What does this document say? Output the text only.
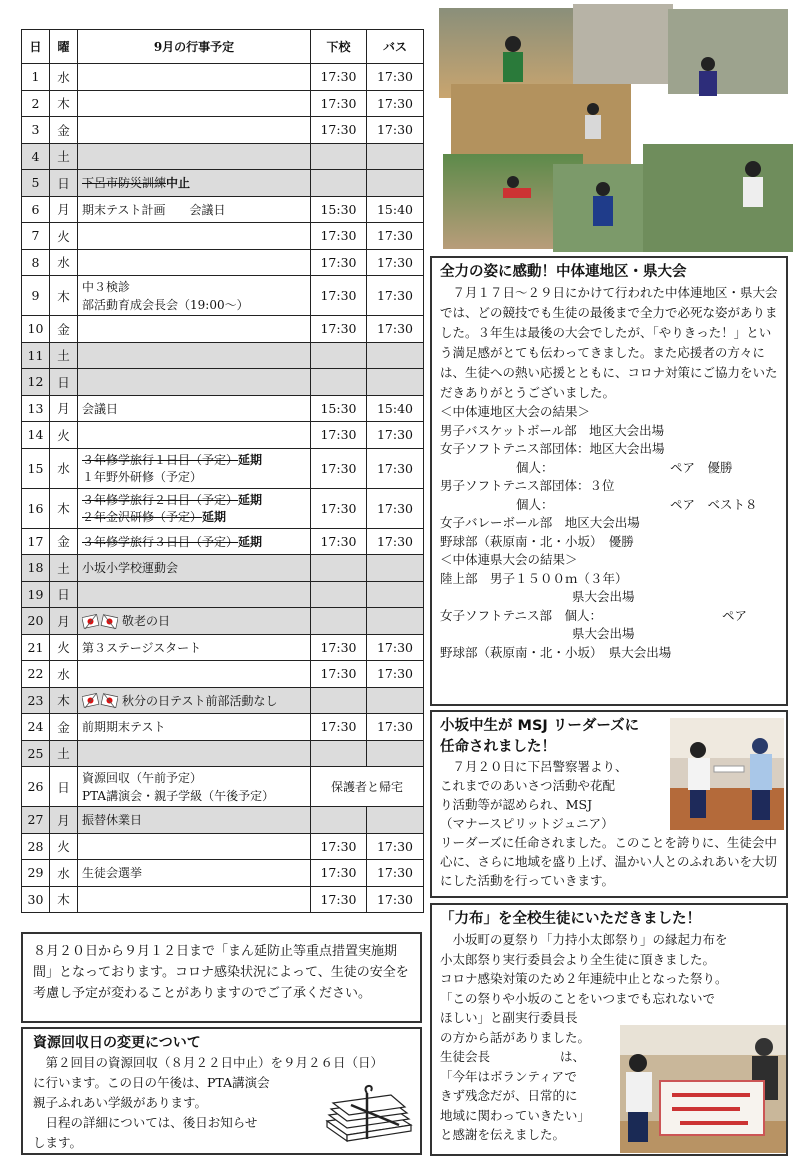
日	曜	9月の行事予定	下校	バス
1	水		17:30	17:30
2	木		17:30	17:30
3	金		17:30	17:30
4	土			
5	日	下呂市防災訓練中止		

6	月	期末テスト計画　　会議日	15:30	15:40
7	火		17:30	17:30
8	水		17:30	17:30
9	木	中３検診
部活動育成会長会（19:00～）	17:30	17:30
10	金		17:30	17:30
11	土			
12	日			
13	月	会議日	15:30	15:40
14	火		17:30	17:30
15	水	３年修学旅行１日目（予定）延期
１年野外研修（予定）	17:30	17:30
16	木	３年修学旅行２日目（予定）延期
２年金沢研修（予定）延期	17:30	17:30
17	金	３年修学旅行３日目（予定）延期	17:30	17:30
18	土	小坂小学校運動会		

19	日			
20	月	敬老の日		

21	火	第３ステージスタート	17:30	17:30
22	水		17:30	17:30
23	木	秋分の日テスト前部活動なし		

24	金	前期期末テスト	17:30	17:30
25	土			
26	日	資源回収（午前予定）
PTA講演会・親子学級（午後予定）	保護者と帰宅	
27	月	振替休業日		

28	火		17:30	17:30
29	水	生徒会選挙	17:30	17:30
30	木		17:30	17:30
８月２０日から９月１２日まで「まん延防止等重点措置実施期間」となっております。コロナ感染状況によって、生徒の安全を考慮し予定が変わることがありますのでご了承ください。
資源回収日の変更について
　第２回目の資源回収（８月２２日中止）を９月２６日（日）
に行います。この日の午後は、PTA講演会
親子ふれあい学級があります。
　日程の詳細については、後日お知らせ
します。
全力の姿に感動！中体連地区・県大会
　７月１７日～２９日にかけて行われた中体連地区・県大会では、どの競技でも生徒の最後まで全力で必死な姿がありました。３年生は最後の大会でしたが、「やりきった！」という満足感がとても伝わってきました。また応援者の方々には、生徒への熱い応援とともに、コロナ対策にご協力をいただきありがとうございました。
＜中体連地区大会の結果＞
男子バスケットボール部　地区大会出場
女子ソフトテニス部団体：地区大会出場
個人：	ペア　優勝
男子ソフトテニス部団体：３位
個人：	ペア　ベスト８
女子バレーボール部　地区大会出場
野球部（萩原南・北・小坂）　優勝
＜中体連県大会の結果＞
陸上部　男子１５００ｍ（３年）
県大会出場
女子ソフトテニス部　個人：	ペア
県大会出場
野球部（萩原南・北・小坂）　県大会出場
小坂中生が MSJ リーダーズに
任命されました！
　７月２０日に下呂警察署より、
これまでのあいさつ活動や花配
り活動等が認められ、MSJ
（マナースピリットジュニア）
リーダーズに任命されました。このことを誇りに、生徒会中心に、さらに地域を盛り上げ、温かい人とのふれあいを大切にした活動を行っていきます。
「力布」を全校生徒にいただきました！
　小坂町の夏祭り「力持小太郎祭り」の縁起力布を
小太郎祭り実行委員会より全生徒に頂きました。
コロナ感染対策のため２年連続中止となった祭り。
「この祭りや小坂のことをいつまでも忘れないで
ほしい」と副実行委員長
の方から話がありました。
生徒会長	は、
「今年はボランティアで
きず残念だが、日常的に
地域に関わっていきたい」
と感謝を伝えました。
